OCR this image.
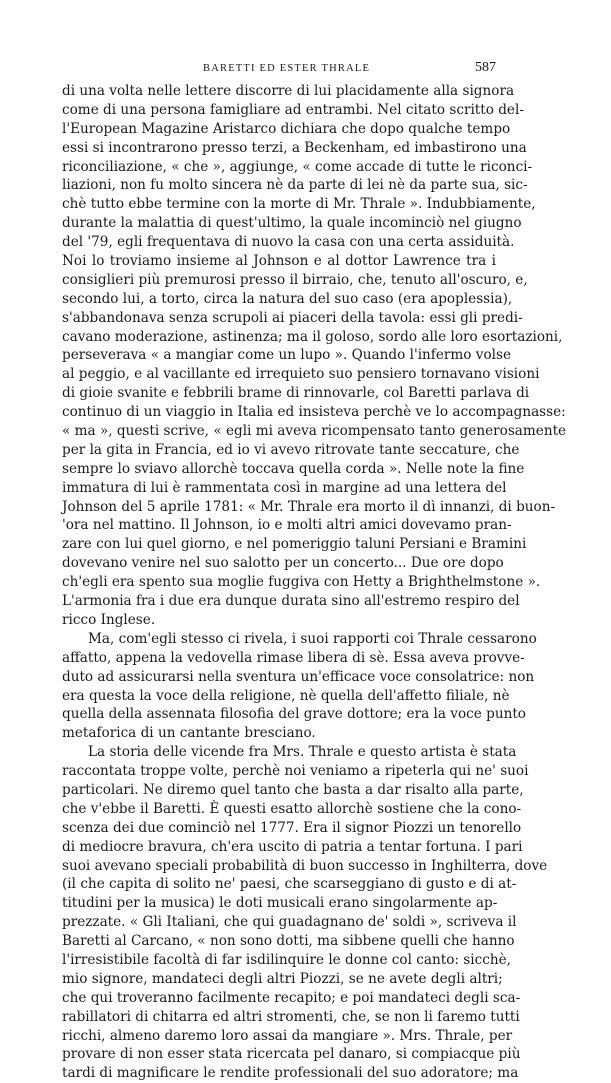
BARETTI ED ESTER THRALE	587
di una volta nelle lettere discorre di lui placidamente alla signora
come di una persona famigliare ad entrambi. Nel citato scritto del-
l'European Magazine Aristarco dichiara che dopo qualche tempo
essi si incontrarono presso terzi, a Beckenham, ed imbastirono una
riconciliazione, « che », aggiunge, « come accade di tutte le riconci-
liazioni, non fu molto sincera nè da parte di lei nè da parte sua, sic-
chè tutto ebbe termine con la morte di Mr. Thrale ». Indubbiamente,
durante la malattia di quest'ultimo, la quale incominciò nel giugno
del '79, egli frequentava di nuovo la casa con una certa assiduità.
Noi lo troviamo insieme al Johnson e al dottor Lawrence tra i
consiglieri più premurosi presso il birraio, che, tenuto all'oscuro, e,
secondo lui, a torto, circa la natura del suo caso (era apoplessia),
s'abbandonava senza scrupoli ai piaceri della tavola: essi gli predi-
cavano moderazione, astinenza; ma il goloso, sordo alle loro esortazioni,
perseverava « a mangiar come un lupo ». Quando l'infermo volse
al peggio, e al vacillante ed irrequieto suo pensiero tornavano visioni
di gioie svanite e febbrili brame di rinnovarle, col Baretti parlava di
continuo di un viaggio in Italia ed insisteva perchè ve lo accompagnasse:
« ma », questi scrive, « egli mi aveva ricompensato tanto generosamente
per la gita in Francia, ed io vi avevo ritrovate tante seccature, che
sempre lo sviavo allorchè toccava quella corda ». Nelle note la fine
immatura di lui è rammentata così in margine ad una lettera del
Johnson del 5 aprile 1781: « Mr. Thrale era morto il dì innanzi, di buon-
'ora nel mattino. Il Johnson, io e molti altri amici dovevamo pran-
zare con lui quel giorno, e nel pomeriggio taluni Persiani e Bramini
dovevano venire nel suo salotto per un concerto... Due ore dopo
ch'egli era spento sua moglie fuggiva con Hetty a Brighthelmstone ».
L'armonia fra i due era dunque durata sino all'estremo respiro del
ricco Inglese.
Ma, com'egli stesso ci rivela, i suoi rapporti coi Thrale cessarono
affatto, appena la vedovella rimase libera di sè. Essa aveva provve-
duto ad assicurarsi nella sventura un'efficace voce consolatrice: non
era questa la voce della religione, nè quella dell'affetto filiale, nè
quella della assennata filosofia del grave dottore; era la voce punto
metaforica di un cantante bresciano.
La storia delle vicende fra Mrs. Thrale e questo artista è stata
raccontata troppe volte, perchè noi veniamo a ripeterla qui ne' suoi
particolari. Ne diremo quel tanto che basta a dar risalto alla parte,
che v'ebbe il Baretti. È questi esatto allorchè sostiene che la cono-
scenza dei due cominciò nel 1777. Era il signor Piozzi un tenorello
di mediocre bravura, ch'era uscito di patria a tentar fortuna. I pari
suoi avevano speciali probabilità di buon successo in Inghilterra, dove
(il che capita di solito ne' paesi, che scarseggiano di gusto e di at-
titudini per la musica) le doti musicali erano singolarmente ap-
prezzate. « Gli Italiani, che qui guadagnano de' soldi », scriveva il
Baretti al Carcano, « non sono dotti, ma sibbene quelli che hanno
l'irresistibile facoltà di far isdilinquire le donne col canto: sicchè,
mio signore, mandateci degli altri Piozzi, se ne avete degli altri;
che qui troveranno facilmente recapito; e poi mandateci degli sca-
rabillatori di chitarra ed altri stromenti, che, se non li faremo tutti
ricchi, almeno daremo loro assai da mangiare ». Mrs. Thrale, per
provare di non esser stata ricercata pel danaro, si compiacque più
tardi di magnificare le rendite professionali del suo adoratore; ma
